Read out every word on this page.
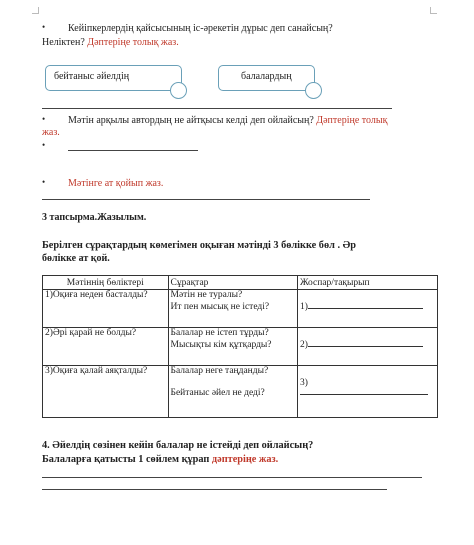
• Кейіпкерлердің қайсысының іс-әрекетін дұрыс деп санайсың?
Неліктен? Дәптеріңе толық жаз.
бейтаныс әйелдің	балалардың
• Мәтін арқылы автордың не айтқысы келді деп ойлайсың? Дәптеріңе толық
жаз.
•
• Мәтінге ат қойып жаз.
3 тапсырма.Жазылым.
Берілген сұрақтардың көмегімен оқыған мәтінді 3 бөлікке бөл . Әр
бөлікке ат қой.
Мәтіннің бөліктері	Сұрақтар	Жоспар/тақырып
1)Оқиға неден басталды?	Мәтін не туралы?
Ит пен мысық не істеді?	1)

2)Әрі қарай не болды?	Балалар не істеп тұрды?
Мысықты кім құтқарды?	2)

3)Оқиға қалай аяқталды?	Балалар неге таңданды?
Бейтаныс әйел не деді?	3)
4. Әйелдің сөзінен кейін балалар не істейді деп ойлайсың?
Балаларға қатысты 1 сөйлем құрап дәптеріңе жаз.
